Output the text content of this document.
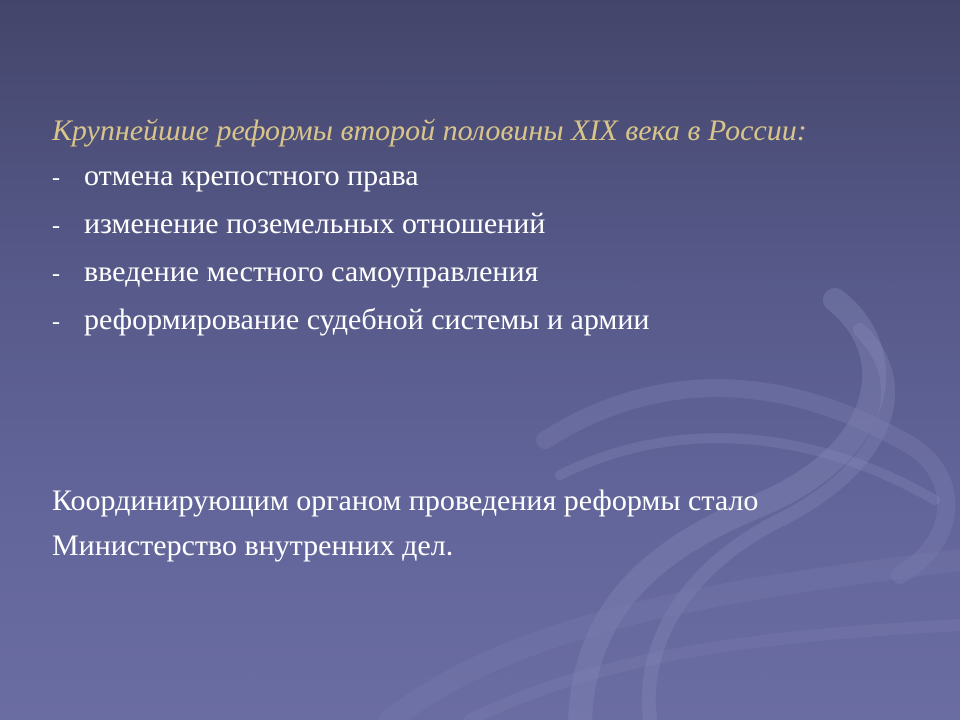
Крупнейшие реформы второй половины XIX века в России:

- отмена крепостного права
- изменение поземельных отношений
- введение местного самоуправления
- реформирование судебной системы и армии

Координирующим органом проведения реформы стало Министерство внутренних дел.
